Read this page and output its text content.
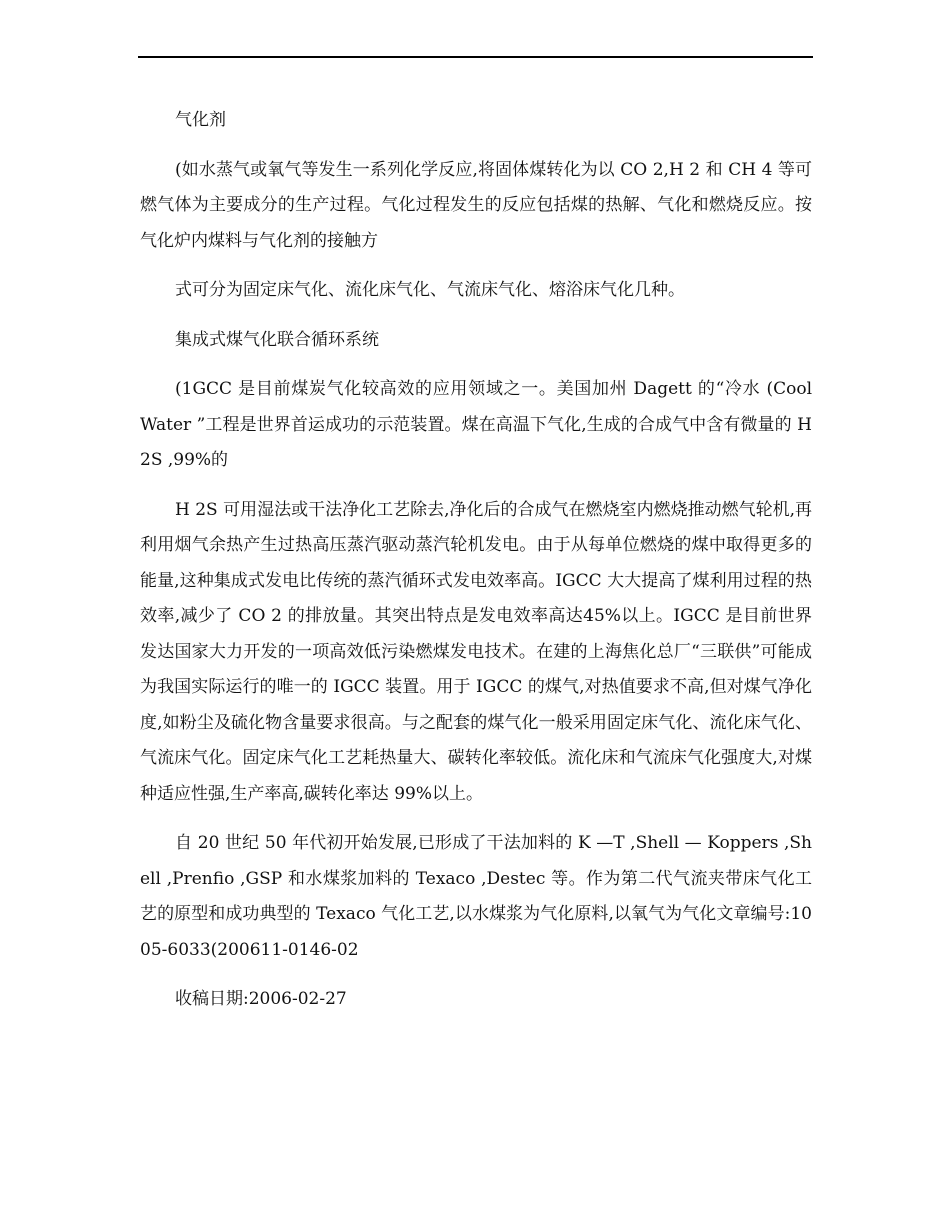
气化剂

(如水蒸气或氧气等发生一系列化学反应,将固体煤转化为以 CO 2,H 2 和 CH 4 等可燃气体为主要成分的生产过程。气化过程发生的反应包括煤的热解、气化和燃烧反应。按气化炉内煤料与气化剂的接触方

式可分为固定床气化、流化床气化、气流床气化、熔浴床气化几种。

集成式煤气化联合循环系统

(1GCC 是目前煤炭气化较高效的应用领域之一。美国加州 Dagett 的“冷水 (Cool Water ”工程是世界首运成功的示范装置。煤在高温下气化,生成的合成气中含有微量的 H 2S ,99%的

H 2S 可用湿法或干法净化工艺除去,净化后的合成气在燃烧室内燃烧推动燃气轮机,再利用烟气余热产生过热高压蒸汽驱动蒸汽轮机发电。由于从每单位燃烧的煤中取得更多的能量,这种集成式发电比传统的蒸汽循环式发电效率高。IGCC 大大提高了煤利用过程的热效率,减少了 CO 2 的排放量。其突出特点是发电效率高达45%以上。IGCC 是目前世界发达国家大力开发的一项高效低污染燃煤发电技术。在建的上海焦化总厂“三联供”可能成为我国实际运行的唯一的 IGCC 装置。用于 IGCC 的煤气,对热值要求不高,但对煤气净化度,如粉尘及硫化物含量要求很高。与之配套的煤气化一般采用固定床气化、流化床气化、气流床气化。固定床气化工艺耗热量大、碳转化率较低。流化床和气流床气化强度大,对煤种适应性强,生产率高,碳转化率达 99%以上。

自 20 世纪 50 年代初开始发展,已形成了干法加料的 K —T ,Shell — Koppers ,Shell ,Prenfio ,GSP 和水煤浆加料的 Texaco ,Destec 等。作为第二代气流夹带床气化工艺的原型和成功典型的 Texaco 气化工艺,以水煤浆为气化原料,以氧气为气化文章编号:1005-6033(200611-0146-02

收稿日期:2006-02-27
